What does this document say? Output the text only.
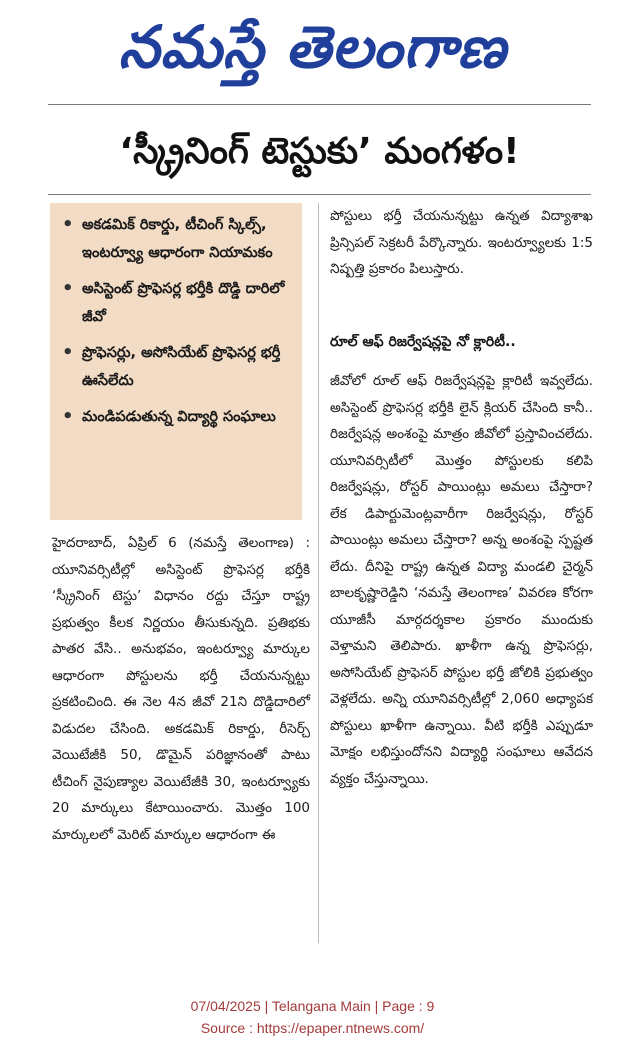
నమస్తే తెలంగాణ
‘స్క్రీనింగ్ టెస్టుకు’ మంగళం!
• అకడమిక్ రికార్డు, టీచింగ్ స్కిల్స్, ఇంటర్వ్యూ ఆధారంగా నియామకం
• అసిస్టెంట్ ప్రొఫెసర్ల భర్తీకి దొడ్డి దారిలో జీవో
• ప్రొఫెసర్లు, అసోసియేట్ ప్రొఫెసర్ల భర్తీ ఊసేలేదు
• మండిపడుతున్న విద్యార్థి సంఘాలు
హైదరాబాద్, ఏప్రిల్ 6 (నమస్తే తెలంగాణ) : యూనివర్సిటీల్లో అసిస్టెంట్ ప్రొఫెసర్ల భర్తీకి ‘స్క్రీనింగ్ టెస్టు’ విధానం రద్దు చేస్తూ రాష్ట్ర ప్రభుత్వం కీలక నిర్ణయం తీసుకున్నది. ప్రతిభకు పాతర వేసి.. అనుభవం, ఇంటర్వ్యూ మార్కుల ఆధారంగా పోస్టులను భర్తీ చేయనున్నట్టు ప్రకటించింది. ఈ నెల 4న జీవో 21ని దొడ్డిదారిలో విడుదల చేసింది. అకడమిక్ రికార్డు, రీసెర్చ్ వెయిటేజీకి 50, డొమైన్ పరిజ్ఞానంతో పాటు టీచింగ్ నైపుణ్యాల వెయిటేజీకి 30, ఇంటర్వ్యూకు 20 మార్కులు కేటాయించారు. మొత్తం 100 మార్కులలో మెరిట్ మార్కుల ఆధారంగా ఈ
పోస్టులు భర్తీ చేయనున్నట్టు ఉన్నత విద్యాశాఖ ప్రిన్సిపల్ సెక్రటరీ పేర్కొన్నారు. ఇంటర్వ్యూలకు 1:5 నిష్పత్తి ప్రకారం పిలుస్తారు.
రూల్ ఆఫ్ రిజర్వేషన్లపై నో క్లారిటీ..
జీవోలో రూల్ ఆఫ్ రిజర్వేషన్లపై క్లారిటీ ఇవ్వలేదు. అసిస్టెంట్ ప్రొఫెసర్ల భర్తీకి లైన్ క్లియర్ చేసింది కానీ.. రిజర్వేషన్ల అంశంపై మాత్రం జీవోలో ప్రస్తావించలేదు. యూనివర్సిటీలో మొత్తం పోస్టులకు కలిపి రిజర్వేషన్లు, రోస్టర్ పాయింట్లు అమలు చేస్తారా? లేక డిపార్టుమెంట్లవారీగా రిజర్వేషన్లు, రోస్టర్ పాయింట్లు అమలు చేస్తారా? అన్న అంశంపై స్పష్టత లేదు. దీనిపై రాష్ట్ర ఉన్నత విద్యా మండలి చైర్మన్ బాలకృష్ణారెడ్డిని ‘నమస్తే తెలంగాణ’ వివరణ కోరగా యూజీసీ మార్గదర్శకాల ప్రకారం ముందుకు వెళ్తామని తెలిపారు. ఖాళీగా ఉన్న ప్రొఫెసర్లు, అసోసియేట్ ప్రొఫెసర్ పోస్టుల భర్తీ జోలికి ప్రభుత్వం వెళ్లలేదు. అన్ని యూనివర్సిటీల్లో 2,060 అధ్యాపక పోస్టులు ఖాళీగా ఉన్నాయి. వీటి భర్తీకి ఎప్పుడూ మోక్షం లభిస్తుందోనని విద్యార్థి సంఘాలు ఆవేదన వ్యక్తం చేస్తున్నాయి.
07/04/2025 | Telangana Main | Page : 9
Source : https://epaper.ntnews.com/
